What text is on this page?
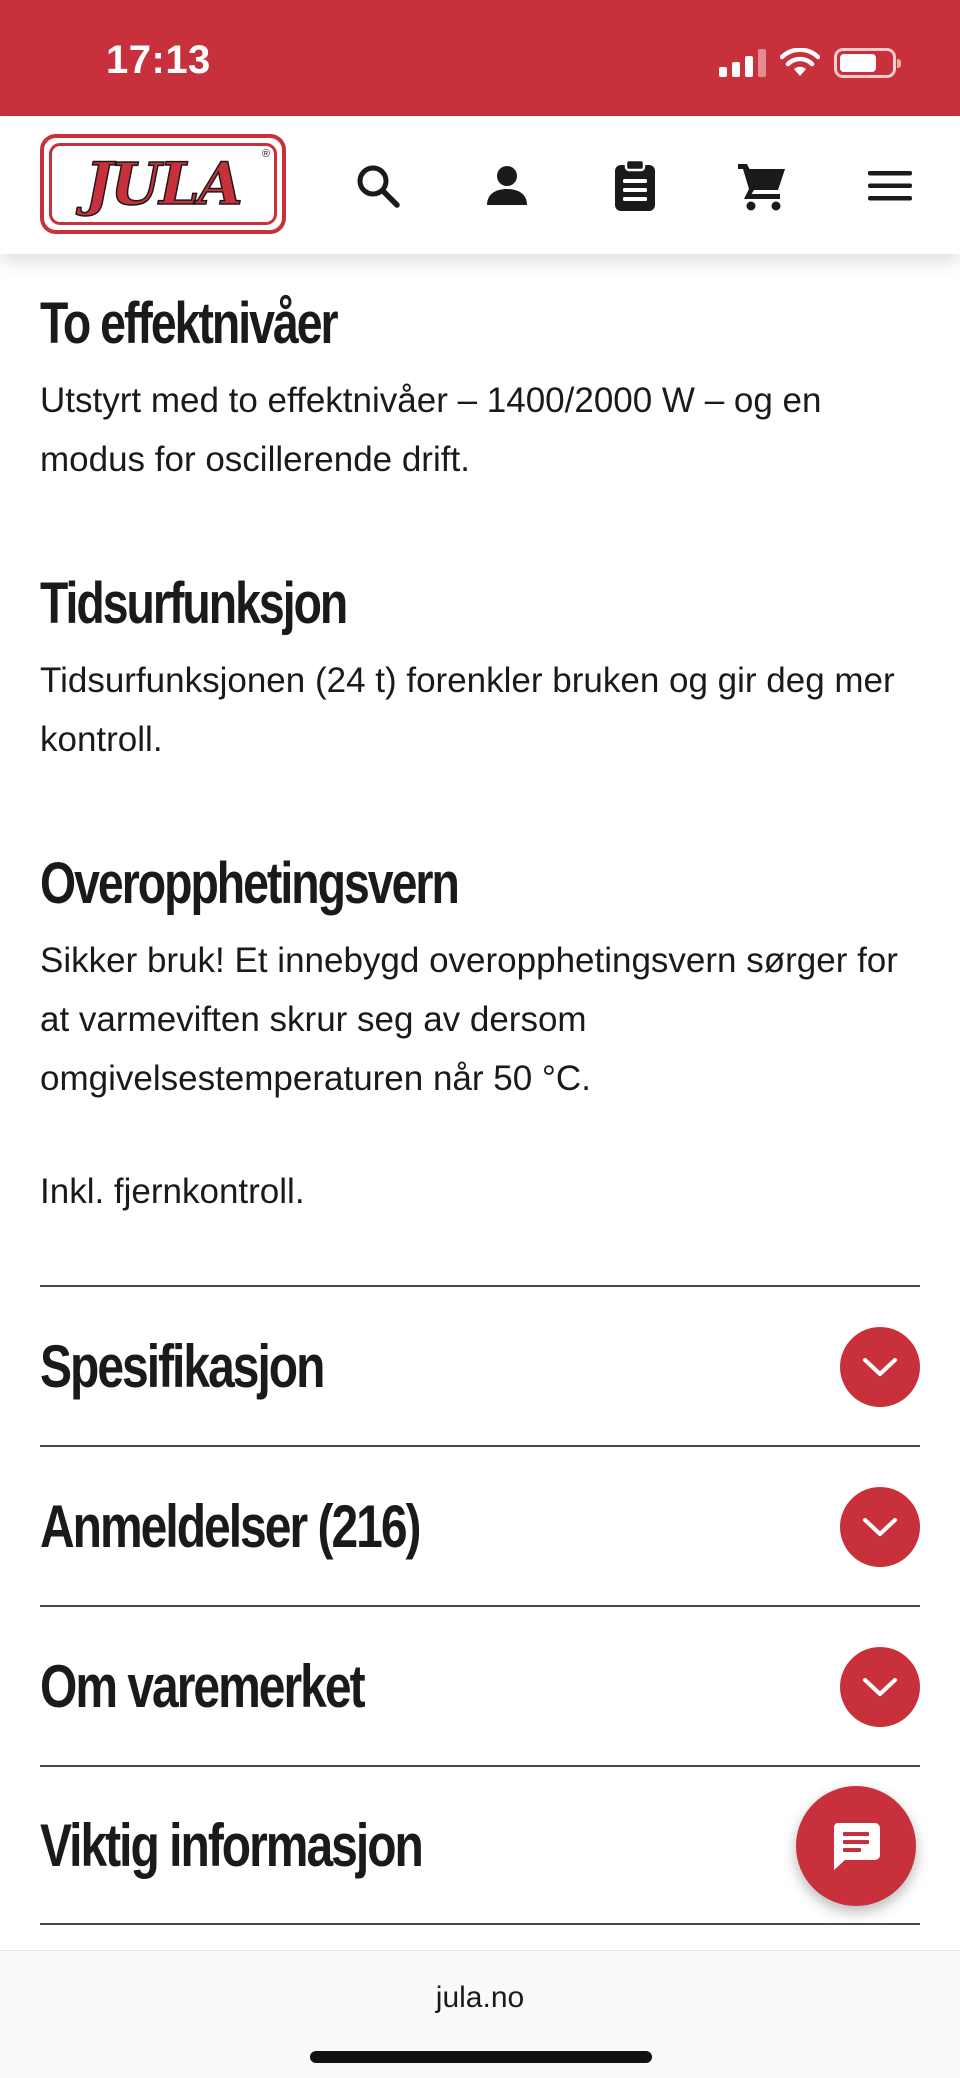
17:13
JULA ®
To effektnivåer
Utstyrt med to effektnivåer – 1400/2000 W – og en modus for oscillerende drift.
Tidsurfunksjon
Tidsurfunksjonen (24 t) forenkler bruken og gir deg mer kontroll.
Overopphetingsvern
Sikker bruk! Et innebygd overopphetingsvern sørger for at varmeviften skrur seg av dersom omgivelsestemperaturen når 50 °C.
Inkl. fjernkontroll.
Spesifikasjon
Anmeldelser (216)
Om varemerket
Viktig informasjon
jula.no
